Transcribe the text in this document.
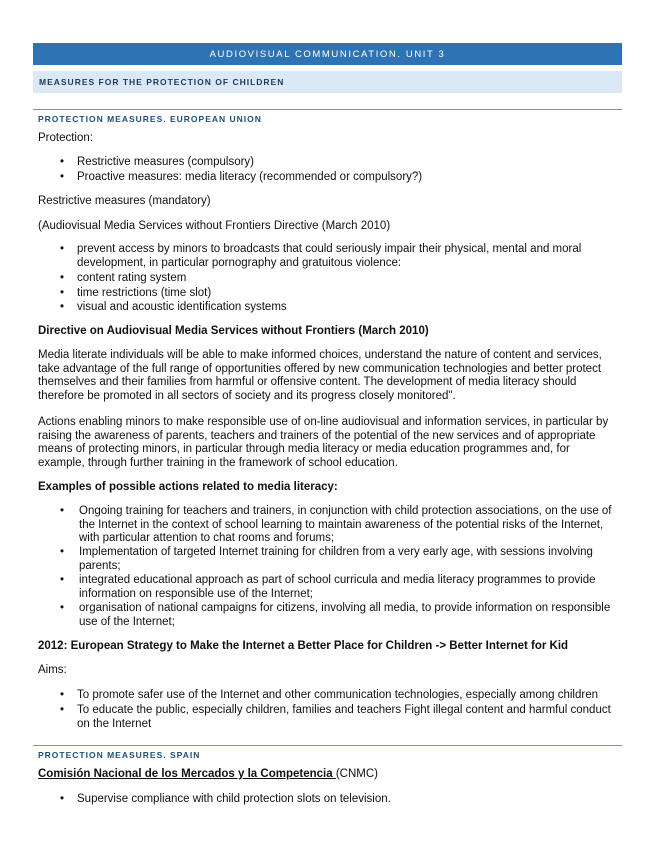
AUDIOVISUAL COMMUNICATION. UNIT 3
MEASURES FOR THE PROTECTION OF CHILDREN
PROTECTION MEASURES. EUROPEAN UNION
Protection:
• Restrictive measures (compulsory)
• Proactive measures: media literacy (recommended or compulsory?)
Restrictive measures (mandatory)
(Audiovisual Media Services without Frontiers Directive (March 2010)
• prevent access by minors to broadcasts that could seriously impair their physical, mental and moral development, in particular pornography and gratuitous violence:
• content rating system
• time restrictions (time slot)
• visual and acoustic identification systems
Directive on Audiovisual Media Services without Frontiers (March 2010)
Media literate individuals will be able to make informed choices, understand the nature of content and services, take advantage of the full range of opportunities offered by new communication technologies and better protect themselves and their families from harmful or offensive content. The development of media literacy should therefore be promoted in all sectors of society and its progress closely monitored".
Actions enabling minors to make responsible use of on-line audiovisual and information services, in particular by raising the awareness of parents, teachers and trainers of the potential of the new services and of appropriate means of protecting minors, in particular through media literacy or media education programmes and, for example, through further training in the framework of school education.
Examples of possible actions related to media literacy:
• Ongoing training for teachers and trainers, in conjunction with child protection associations, on the use of the Internet in the context of school learning to maintain awareness of the potential risks of the Internet, with particular attention to chat rooms and forums;
• Implementation of targeted Internet training for children from a very early age, with sessions involving parents;
• integrated educational approach as part of school curricula and media literacy programmes to provide information on responsible use of the Internet;
• organisation of national campaigns for citizens, involving all media, to provide information on responsible use of the Internet;
2012: European Strategy to Make the Internet a Better Place for Children -> Better Internet for Kid
Aims:
• To promote safer use of the Internet and other communication technologies, especially among children
• To educate the public, especially children, families and teachers Fight illegal content and harmful conduct on the Internet
PROTECTION MEASURES. SPAIN
Comisión Nacional de los Mercados y la Competencia (CNMC)
• Supervise compliance with child protection slots on television.
